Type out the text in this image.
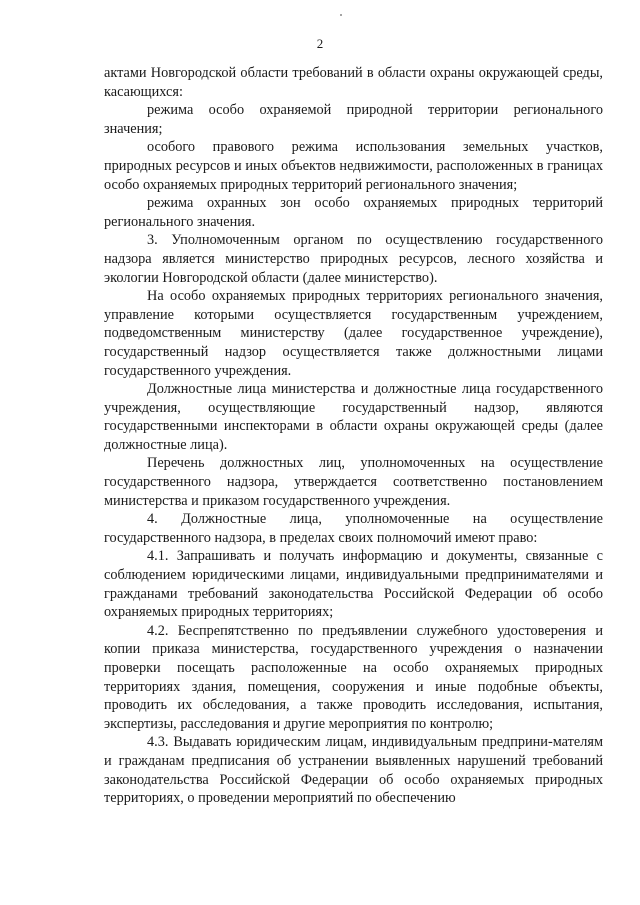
2

актами Новгородской области требований в области охраны окружающей среды, касающихся:

режима особо охраняемой природной территории регионального значения;

особого правового режима использования земельных участков, природных ресурсов и иных объектов недвижимости, расположенных в границах особо охраняемых природных территорий регионального значения;

режима охранных зон особо охраняемых природных территорий регионального значения.

3. Уполномоченным органом по осуществлению государственного надзора является министерство природных ресурсов, лесного хозяйства и экологии Новгородской области (далее министерство).

На особо охраняемых природных территориях регионального значения, управление которыми осуществляется государственным учреждением, подведомственным министерству (далее государственное учреждение), государственный надзор осуществляется также должностными лицами государственного учреждения.

Должностные лица министерства и должностные лица государственного учреждения, осуществляющие государственный надзор, являются государственными инспекторами в области охраны окружающей среды (далее должностные лица).

Перечень должностных лиц, уполномоченных на осуществление государственного надзора, утверждается соответственно постановлением министерства и приказом государственного учреждения.

4. Должностные лица, уполномоченные на осуществление государственного надзора, в пределах своих полномочий имеют право:

4.1. Запрашивать и получать информацию и документы, связанные с соблюдением юридическими лицами, индивидуальными предпринимателями и гражданами требований законодательства Российской Федерации об особо охраняемых природных территориях;

4.2. Беспрепятственно по предъявлении служебного удостоверения и копии приказа министерства, государственного учреждения о назначении проверки посещать расположенные на особо охраняемых природных территориях здания, помещения, сооружения и иные подобные объекты, проводить их обследования, а также проводить исследования, испытания, экспертизы, расследования и другие мероприятия по контролю;

4.3. Выдавать юридическим лицам, индивидуальным предприни-мателям и гражданам предписания об устранении выявленных нарушений требований законодательства Российской Федерации об особо охраняемых природных территориях, о проведении мероприятий по обеспечению
